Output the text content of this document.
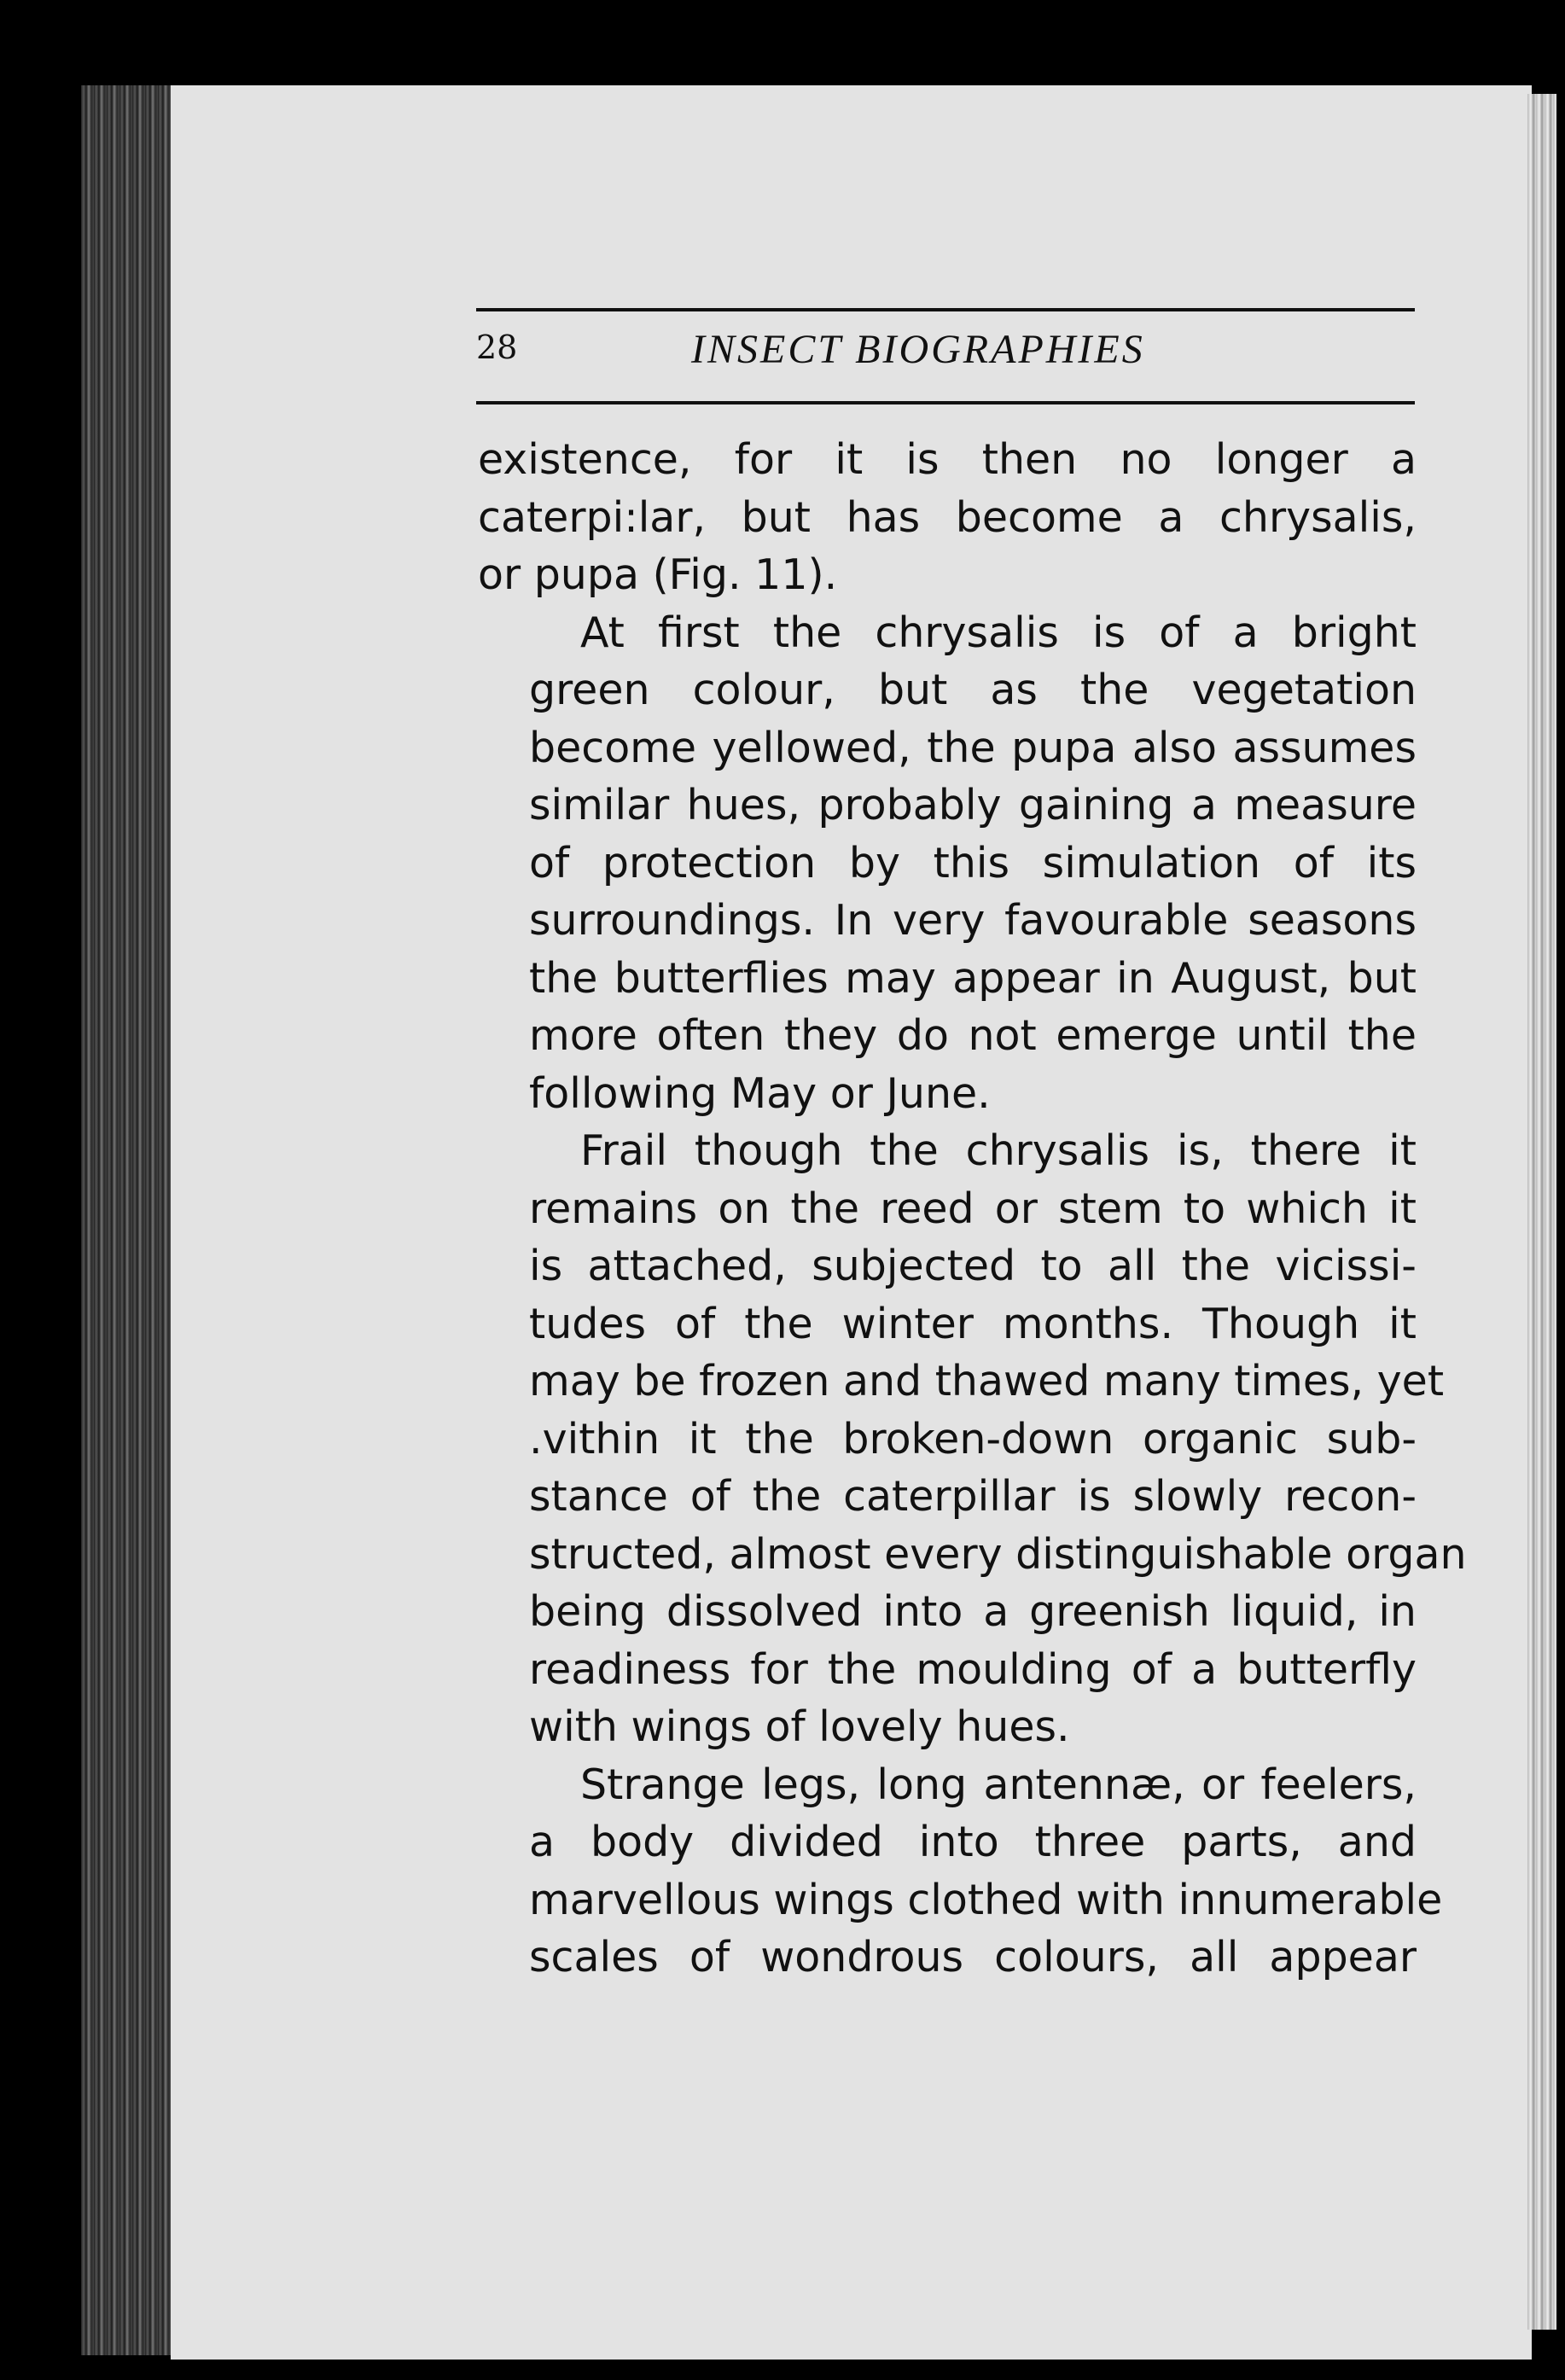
28	INSECT BIOGRAPHIES

existence, for it is then no longer a
caterpi:lar, but has become a chrysalis,
or pupa (Fig. 11).

At first the chrysalis is of a bright
green colour, but as the vegetation
become yellowed, the pupa also assumes
similar hues, probably gaining a measure
of protection by this simulation of its
surroundings. In very favourable seasons
the butterflies may appear in August, but
more often they do not emerge until the
following May or June.

Frail though the chrysalis is, there it
remains on the reed or stem to which it
is attached, subjected to all the vicissi-
tudes of the winter months. Though it
may be frozen and thawed many times, yet
.vithin it the broken-down organic sub-
stance of the caterpillar is slowly recon-
structed, almost every distinguishable organ
being dissolved into a greenish liquid, in
readiness for the moulding of a butterfly
with wings of lovely hues.

Strange legs, long antennæ, or feelers,
a body divided into three parts, and
marvellous wings clothed with innumerable
scales of wondrous colours, all appear
